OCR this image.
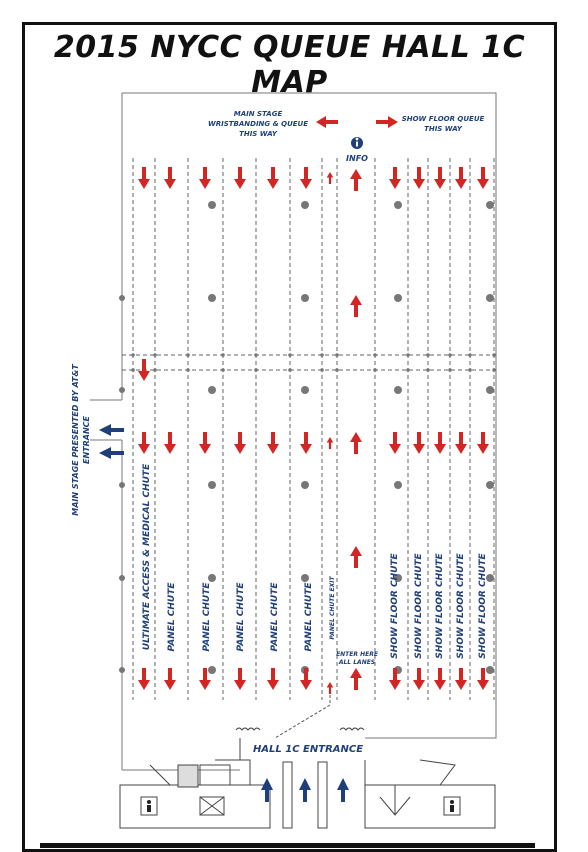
2015 NYCC QUEUE HALL 1C MAP
MAIN STAGE
WRISTBANDING & QUEUE
THIS WAY
SHOW FLOOR QUEUE
THIS WAY
INFO
MAIN STAGE PRESENTED BY AT&T ENTRANCE
ULTIMATE ACCESS & MEDICAL CHUTE PANEL CHUTE	PANEL CHUTE	PANEL CHUTE	PANEL CHUTE	PANEL CHUTE	PANEL CHUTE EXIT	SHOW FLOOR CHUTE SHOW FLOOR CHUTE SHOW FLOOR CHUTE SHOW FLOOR CHUTE SHOW FLOOR CHUTE
ENTER HERE
ALL LANES
HALL 1C ENTRANCE
